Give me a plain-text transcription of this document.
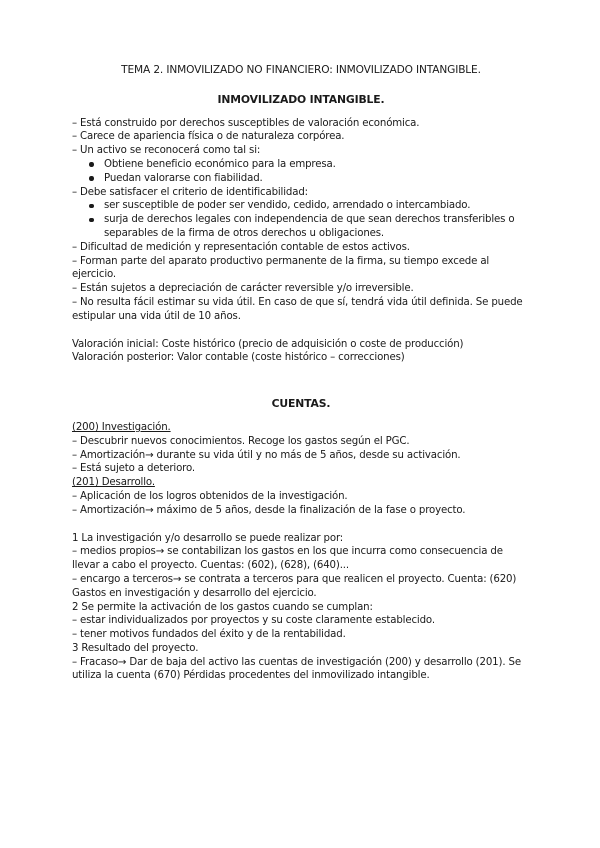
TEMA 2. INMOVILIZADO NO FINANCIERO: INMOVILIZADO INTANGIBLE.

INMOVILIZADO INTANGIBLE.

– Está construido por derechos susceptibles de valoración económica.

– Carece de apariencia física o de naturaleza corpórea.

– Un activo se reconocerá como tal si:

Obtiene beneficio económico para la empresa.
Puedan valorarse con fiabilidad.

– Debe satisfacer el criterio de identificabilidad:

ser susceptible de poder ser vendido, cedido, arrendado o intercambiado.
surja de derechos legales con independencia de que sean derechos transferibles o separables de la firma de otros derechos u obligaciones.

– Dificultad de medición y representación contable de estos activos.

– Forman parte del aparato productivo permanente de la firma, su tiempo excede al ejercicio.

– Están sujetos a depreciación de carácter reversible y/o irreversible.

– No resulta fácil estimar su vida útil. En caso de que sí, tendrá vida útil definida. Se puede estipular una vida útil de 10 años.

Valoración inicial: Coste histórico (precio de adquisición o coste de producción)

Valoración posterior: Valor contable (coste histórico – correcciones)

CUENTAS.

(200) Investigación.

– Descubrir nuevos conocimientos. Recoge los gastos según el PGC.

– Amortización→ durante su vida útil y no más de 5 años, desde su activación.

– Está sujeto a deterioro.

(201) Desarrollo.

– Aplicación de los logros obtenidos de la investigación.

– Amortización→ máximo de 5 años, desde la finalización de la fase o proyecto.

1 La investigación y/o desarrollo se puede realizar por:

– medios propios→ se contabilizan los gastos en los que incurra como consecuencia de llevar a cabo el proyecto. Cuentas: (602), (628), (640)...

– encargo a terceros→ se contrata a terceros para que realicen el proyecto. Cuenta: (620) Gastos en investigación y desarrollo del ejercicio.

2 Se permite la activación de los gastos cuando se cumplan:

– estar individualizados por proyectos y su coste claramente establecido.

– tener motivos fundados del éxito y de la rentabilidad.

3 Resultado del proyecto.

– Fracaso→ Dar de baja del activo las cuentas de investigación (200) y desarrollo (201). Se utiliza la cuenta (670) Pérdidas procedentes del inmovilizado intangible.
